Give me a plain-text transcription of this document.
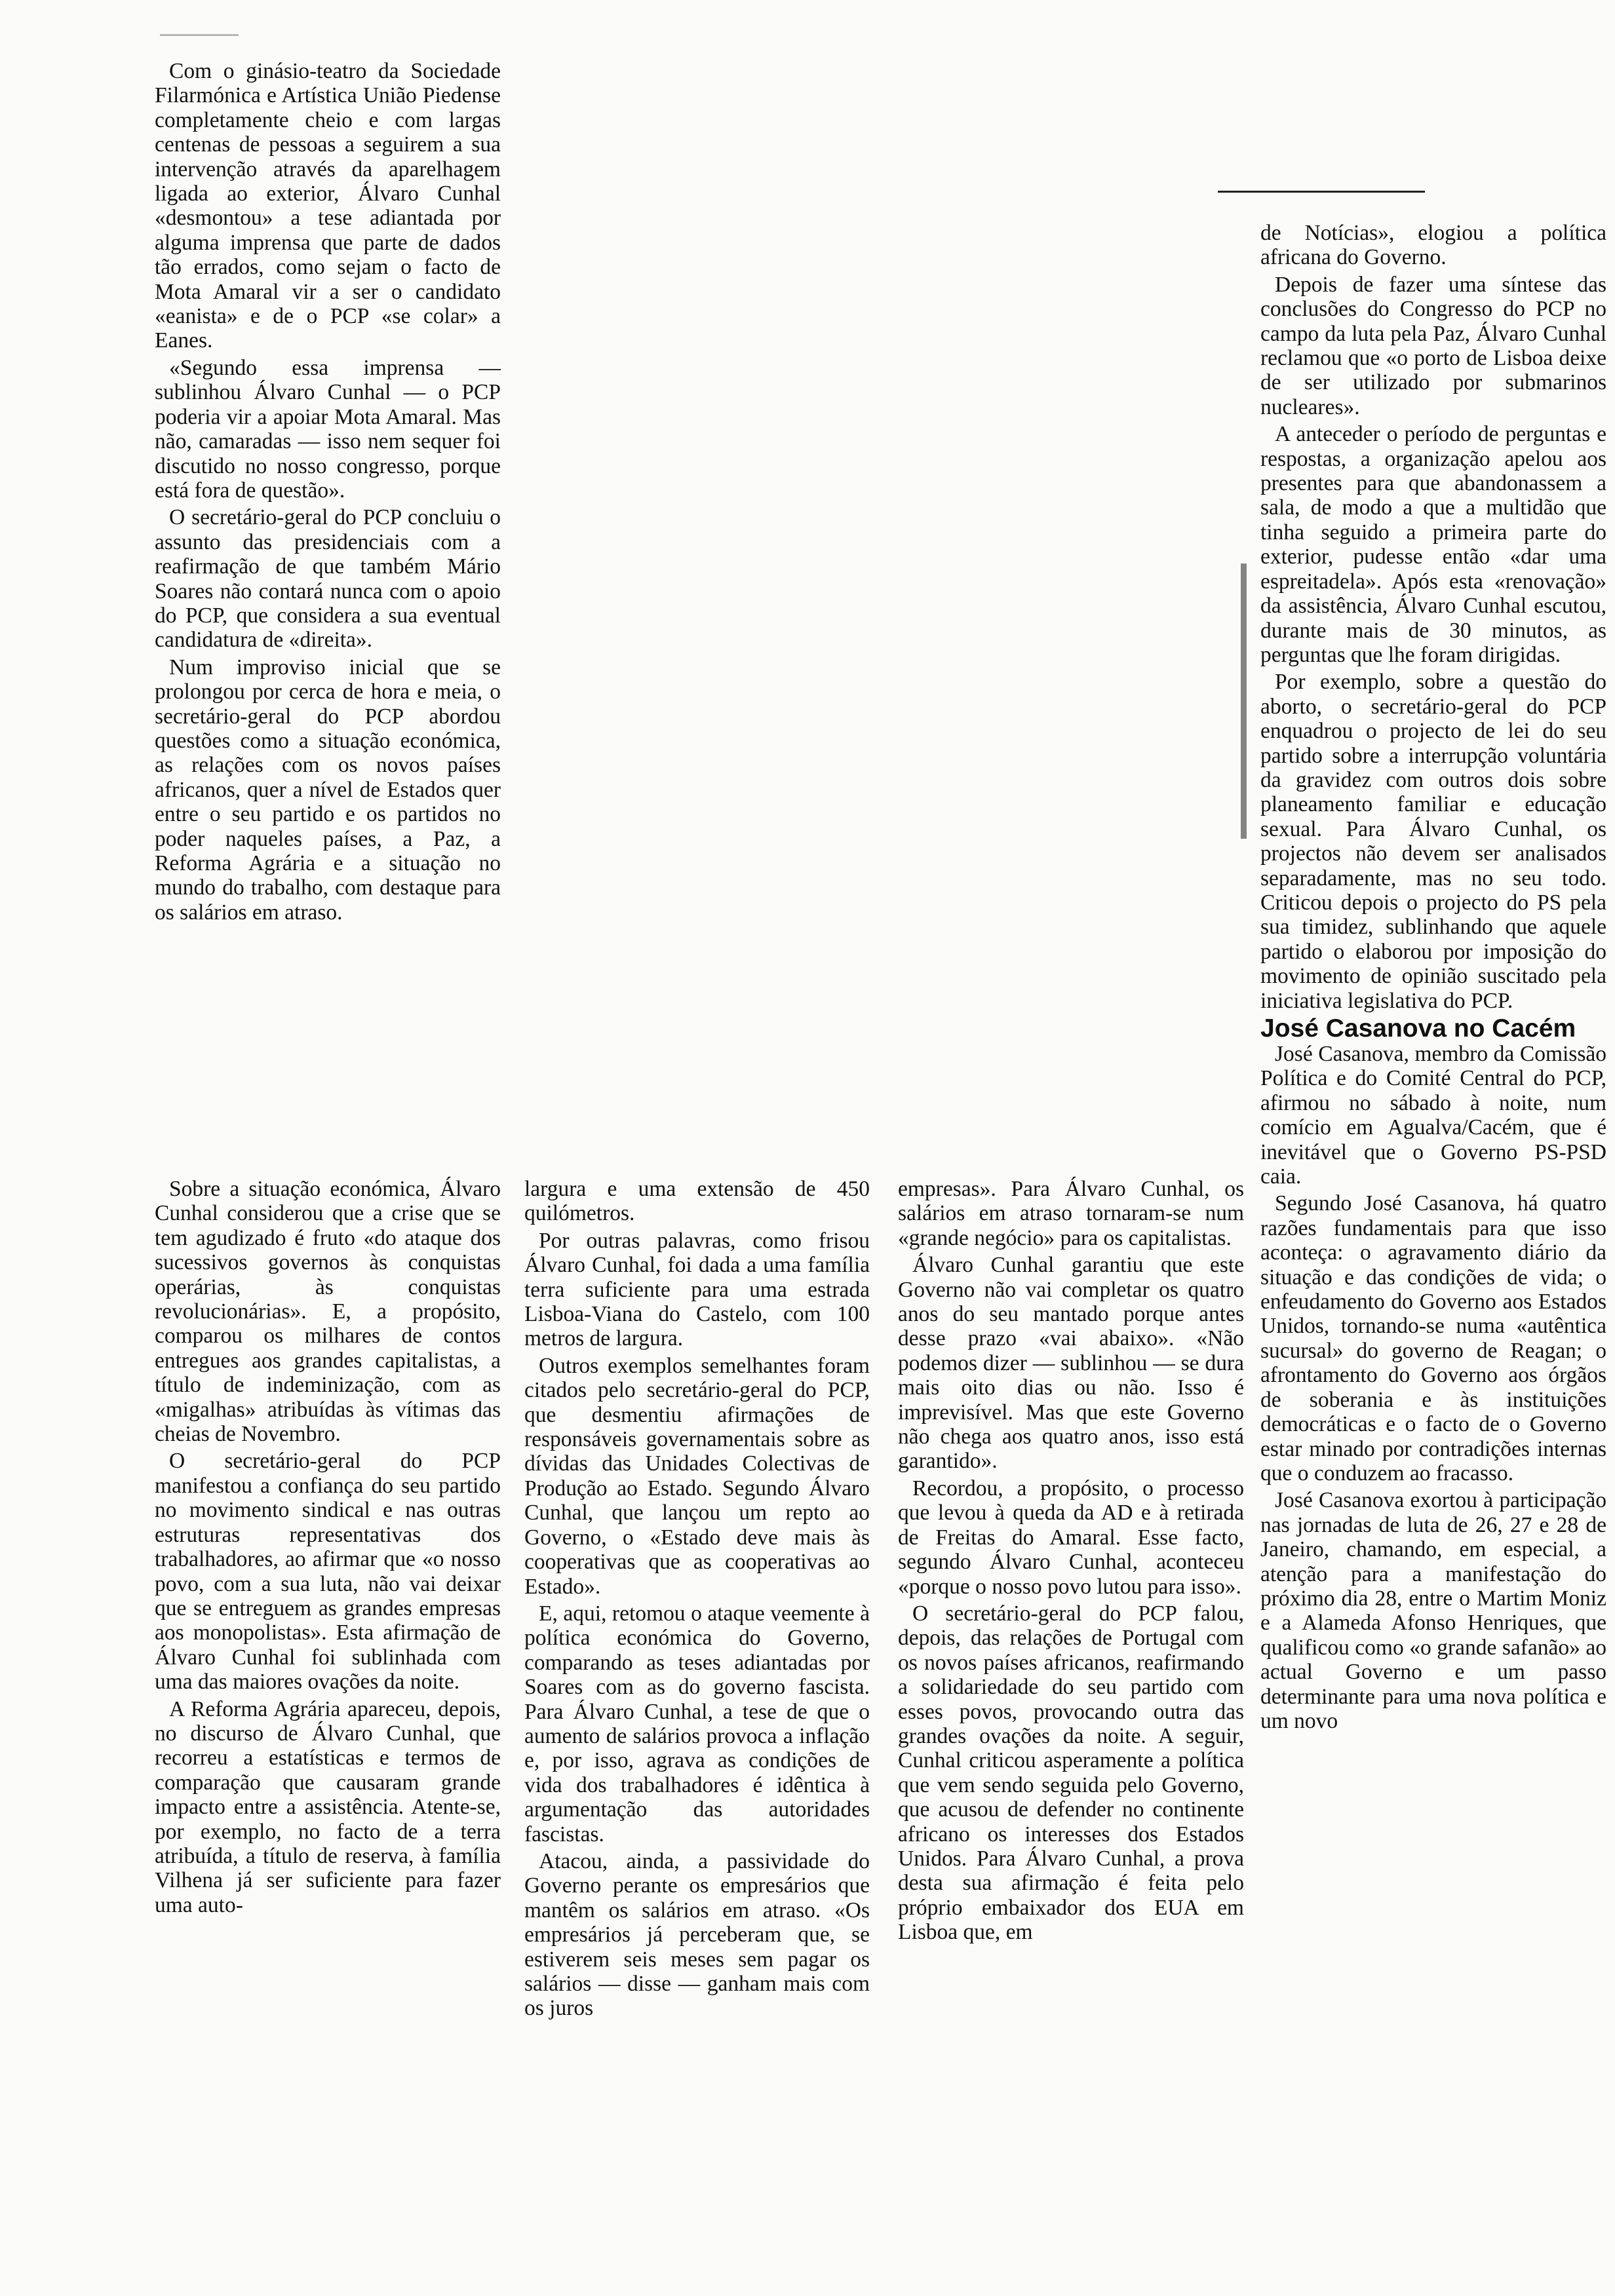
Com o ginásio-teatro da Sociedade Filarmónica e Artística União Piedense completamente cheio e com largas centenas de pessoas a seguirem a sua intervenção através da aparelhagem ligada ao exterior, Álvaro Cunhal «desmontou» a tese adiantada por alguma imprensa que parte de dados tão errados, como sejam o facto de Mota Amaral vir a ser o candidato «eanista» e de o PCP «se colar» a Eanes.

«Segundo essa imprensa — sublinhou Álvaro Cunhal — o PCP poderia vir a apoiar Mota Amaral. Mas não, camaradas — isso nem sequer foi discutido no nosso congresso, porque está fora de questão».

O secretário-geral do PCP concluiu o assunto das presidenciais com a reafirmação de que também Mário Soares não contará nunca com o apoio do PCP, que considera a sua eventual candidatura de «direita».

Num improviso inicial que se prolongou por cerca de hora e meia, o secretário-geral do PCP abordou questões como a situação económica, as relações com os novos países africanos, quer a nível de Estados quer entre o seu partido e os partidos no poder naqueles países, a Paz, a Reforma Agrária e a situação no mundo do trabalho, com destaque para os salários em atraso.

Sobre a situação económica, Álvaro Cunhal considerou que a crise que se tem agudizado é fruto «do ataque dos sucessivos governos às conquistas operárias, às conquistas revolucionárias». E, a propósito, comparou os milhares de contos entregues aos grandes capitalistas, a título de indeminização, com as «migalhas» atribuídas às vítimas das cheias de Novembro.

O secretário-geral do PCP manifestou a confiança do seu partido no movimento sindical e nas outras estruturas representativas dos trabalhadores, ao afirmar que «o nosso povo, com a sua luta, não vai deixar que se entreguem as grandes empresas aos monopolistas». Esta afirmação de Álvaro Cunhal foi sublinhada com uma das maiores ovações da noite.

A Reforma Agrária apareceu, depois, no discurso de Álvaro Cunhal, que recorreu a estatísticas e termos de comparação que causaram grande impacto entre a assistência. Atente-se, por exemplo, no facto de a terra atribuída, a título de reserva, à família Vilhena já ser suficiente para fazer uma auto-

largura e uma extensão de 450 quilómetros.

Por outras palavras, como frisou Álvaro Cunhal, foi dada a uma família terra suficiente para uma estrada Lisboa-Viana do Castelo, com 100 metros de largura.

Outros exemplos semelhantes foram citados pelo secretário-geral do PCP, que desmentiu afirmações de responsáveis governamentais sobre as dívidas das Unidades Colectivas de Produção ao Estado. Segundo Álvaro Cunhal, que lançou um repto ao Governo, o «Estado deve mais às cooperativas que as cooperativas ao Estado».

E, aqui, retomou o ataque veemente à política económica do Governo, comparando as teses adiantadas por Soares com as do governo fascista. Para Álvaro Cunhal, a tese de que o aumento de salários provoca a inflação e, por isso, agrava as condições de vida dos trabalhadores é idêntica à argumentação das autoridades fascistas.

Atacou, ainda, a passividade do Governo perante os empresários que mantêm os salários em atraso. «Os empresários já perceberam que, se estiverem seis meses sem pagar os salários — disse — ganham mais com os juros

empresas». Para Álvaro Cunhal, os salários em atraso tornaram-se num «grande negócio» para os capitalistas.

Álvaro Cunhal garantiu que este Governo não vai completar os quatro anos do seu mantado porque antes desse prazo «vai abaixo». «Não podemos dizer — sublinhou — se dura mais oito dias ou não. Isso é imprevisível. Mas que este Governo não chega aos quatro anos, isso está garantido».

Recordou, a propósito, o processo que levou à queda da AD e à retirada de Freitas do Amaral. Esse facto, segundo Álvaro Cunhal, aconteceu «porque o nosso povo lutou para isso».

O secretário-geral do PCP falou, depois, das relações de Portugal com os novos países africanos, reafirmando a solidariedade do seu partido com esses povos, provocando outra das grandes ovações da noite. A seguir, Cunhal criticou asperamente a política que vem sendo seguida pelo Governo, que acusou de defender no continente africano os interesses dos Estados Unidos. Para Álvaro Cunhal, a prova desta sua afirmação é feita pelo próprio embaixador dos EUA em Lisboa que, em

de Notícias», elogiou a política africana do Governo.

Depois de fazer uma síntese das conclusões do Congresso do PCP no campo da luta pela Paz, Álvaro Cunhal reclamou que «o porto de Lisboa deixe de ser utilizado por submarinos nucleares».

A anteceder o período de perguntas e respostas, a organização apelou aos presentes para que abandonassem a sala, de modo a que a multidão que tinha seguido a primeira parte do exterior, pudesse então «dar uma espreitadela». Após esta «renovação» da assistência, Álvaro Cunhal escutou, durante mais de 30 minutos, as perguntas que lhe foram dirigidas.

Por exemplo, sobre a questão do aborto, o secretário-geral do PCP enquadrou o projecto de lei do seu partido sobre a interrupção voluntária da gravidez com outros dois sobre planeamento familiar e educação sexual. Para Álvaro Cunhal, os projectos não devem ser analisados separadamente, mas no seu todo. Criticou depois o projecto do PS pela sua timidez, sublinhando que aquele partido o elaborou por imposição do movimento de opinião suscitado pela iniciativa legislativa do PCP.

José Casanova no Cacém

José Casanova, membro da Comissão Política e do Comité Central do PCP, afirmou no sábado à noite, num comício em Agualva/Cacém, que é inevitável que o Governo PS-PSD caia.

Segundo José Casanova, há quatro razões fundamentais para que isso aconteça: o agravamento diário da situação e das condições de vida; o enfeudamento do Governo aos Estados Unidos, tornando-se numa «autêntica sucursal» do governo de Reagan; o afrontamento do Governo aos órgãos de soberania e às instituições democráticas e o facto de o Governo estar minado por contradições internas que o conduzem ao fracasso.

José Casanova exortou à participação nas jornadas de luta de 26, 27 e 28 de Janeiro, chamando, em especial, a atenção para a manifestação do próximo dia 28, entre o Martim Moniz e a Alameda Afonso Henriques, que qualificou como «o grande safanão» ao actual Governo e um passo determinante para uma nova política e um novo
